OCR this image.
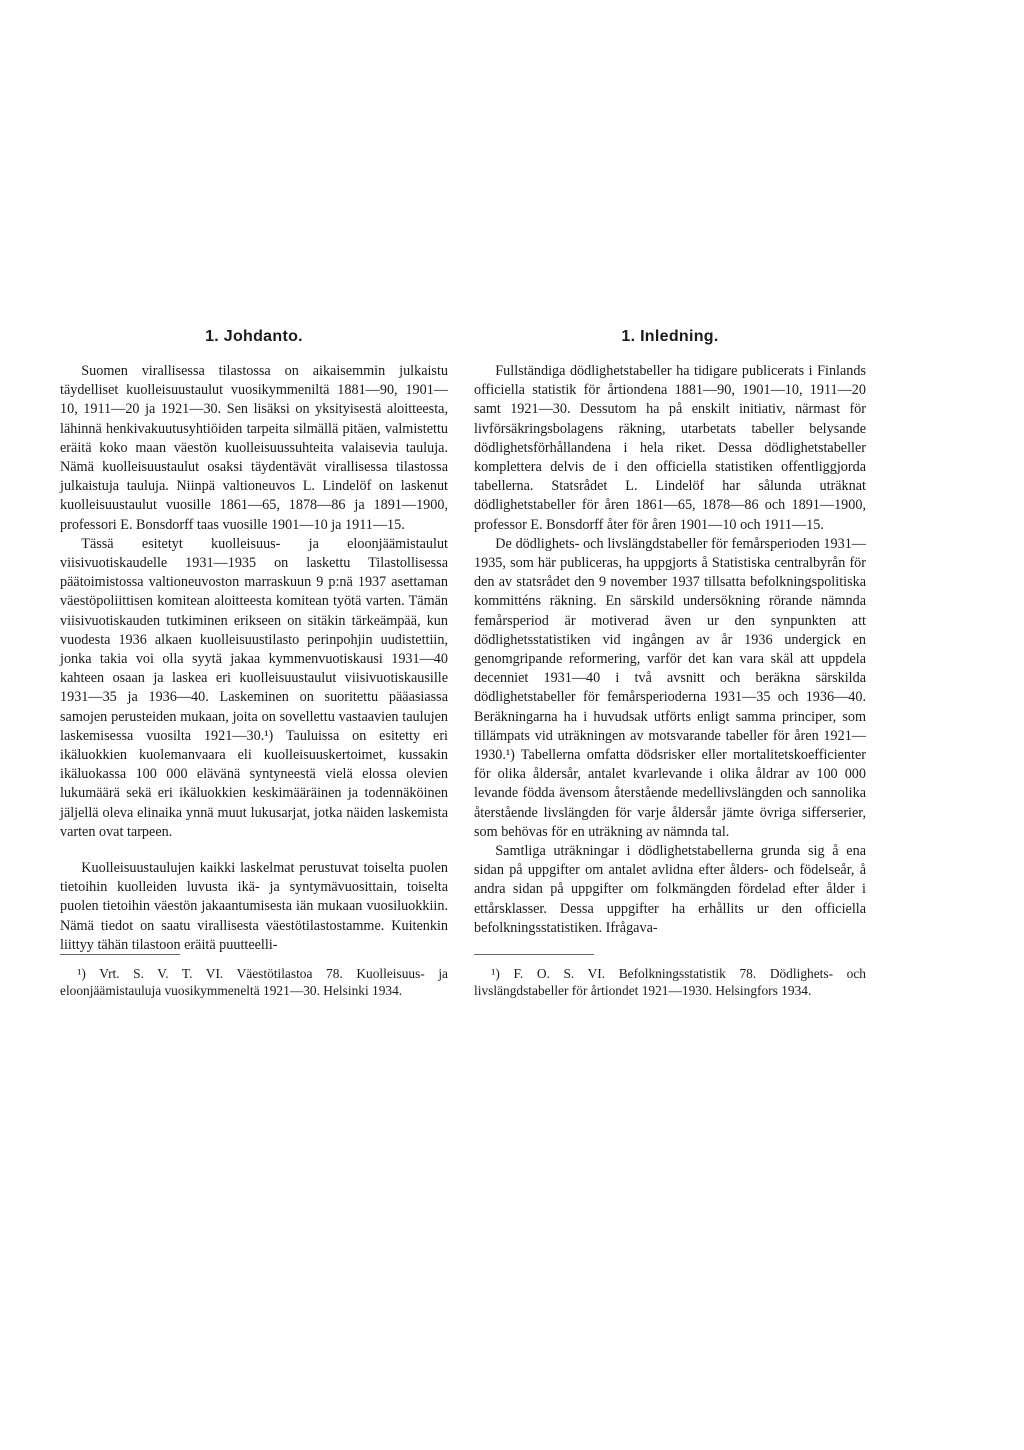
1. Johdanto.

Suomen virallisessa tilastossa on aikaisemmin julkaistu täydelliset kuolleisuustaulut vuosikymmeniltä 1881—90, 1901—10, 1911—20 ja 1921—30. Sen lisäksi on yksityisestä aloitteesta, lähinnä henkivakuutusyhtiöiden tarpeita silmällä pitäen, valmistettu eräitä koko maan väestön kuolleisuussuhteita valaisevia tauluja. Nämä kuolleisuustaulut osaksi täydentävät virallisessa tilastossa julkaistuja tauluja. Niinpä valtioneuvos L. Lindelöf on laskenut kuolleisuustaulut vuosille 1861—65, 1878—86 ja 1891—1900, professori E. Bonsdorff taas vuosille 1901—10 ja 1911—15.

Tässä esitetyt kuolleisuus- ja eloonjäämistaulut viisivuotiskaudelle 1931—1935 on laskettu Tilastollisessa päätoimistossa valtioneuvoston marraskuun 9 p:nä 1937 asettaman väestöpoliittisen komitean aloitteesta komitean työtä varten. Tämän viisivuotiskauden tutkiminen erikseen on sitäkin tärkeämpää, kun vuodesta 1936 alkaen kuolleisuustilasto perinpohjin uudistettiin, jonka takia voi olla syytä jakaa kymmenvuotiskausi 1931—40 kahteen osaan ja laskea eri kuolleisuustaulut viisivuotiskausille 1931—35 ja 1936—40. Laskeminen on suoritettu pääasiassa samojen perusteiden mukaan, joita on sovellettu vastaavien taulujen laskemisessa vuosilta 1921—30.¹) Tauluissa on esitetty eri ikäluokkien kuolemanvaara eli kuolleisuuskertoimet, kussakin ikäluokassa 100 000 elävänä syntyneestä vielä elossa olevien lukumäärä sekä eri ikäluokkien keskimääräinen ja todennäköinen jäljellä oleva elinaika ynnä muut lukusarjat, jotka näiden laskemista varten ovat tarpeen.

Kuolleisuustaulujen kaikki laskelmat perustuvat toiselta puolen tietoihin kuolleiden luvusta ikä- ja syntymävuosittain, toiselta puolen tietoihin väestön jakaantumisesta iän mukaan vuosiluokkiin. Nämä tiedot on saatu virallisesta väestötilastostamme. Kuitenkin liittyy tähän tilastoon eräitä puutteelli-

1. Inledning.

Fullständiga dödlighetstabeller ha tidigare publicerats i Finlands officiella statistik för årtiondena 1881—90, 1901—10, 1911—20 samt 1921—30. Dessutom ha på enskilt initiativ, närmast för livförsäkringsbolagens räkning, utarbetats tabeller belysande dödlighetsförhållandena i hela riket. Dessa dödlighetstabeller komplettera delvis de i den officiella statistiken offentliggjorda tabellerna. Statsrådet L. Lindelöf har sålunda uträknat dödlighetstabeller för åren 1861—65, 1878—86 och 1891—1900, professor E. Bonsdorff åter för åren 1901—10 och 1911—15.

De dödlighets- och livslängdstabeller för femårsperioden 1931—1935, som här publiceras, ha uppgjorts å Statistiska centralbyrån för den av statsrådet den 9 november 1937 tillsatta befolkningspolitiska kommitténs räkning. En särskild undersökning rörande nämnda femårsperiod är motiverad även ur den synpunkten att dödlighetsstatistiken vid ingången av år 1936 undergick en genomgripande reformering, varför det kan vara skäl att uppdela decenniet 1931—40 i två avsnitt och beräkna särskilda dödlighetstabeller för femårsperioderna 1931—35 och 1936—40. Beräkningarna ha i huvudsak utförts enligt samma principer, som tillämpats vid uträkningen av motsvarande tabeller för åren 1921—1930.¹) Tabellerna omfatta dödsrisker eller mortalitetskoefficienter för olika åldersår, antalet kvarlevande i olika åldrar av 100 000 levande födda ävensom återstående medellivslängden och sannolika återstående livslängden för varje åldersår jämte övriga sifferserier, som behövas för en uträkning av nämnda tal.

Samtliga uträkningar i dödlighetstabellerna grunda sig å ena sidan på uppgifter om antalet avlidna efter ålders- och födelseår, å andra sidan på uppgifter om folkmängden fördelad efter ålder i ettårsklasser. Dessa uppgifter ha erhållits ur den officiella befolkningsstatistiken. Ifrågava-

¹) Vrt. S. V. T. VI. Väestötilastoa 78. Kuolleisuus- ja eloonjäämistauluja vuosikymmeneltä 1921—30. Helsinki 1934.
¹) F. O. S. VI. Befolkningsstatistik 78. Dödlighets- och livslängdstabeller för årtiondet 1921—1930. Helsingfors 1934.
